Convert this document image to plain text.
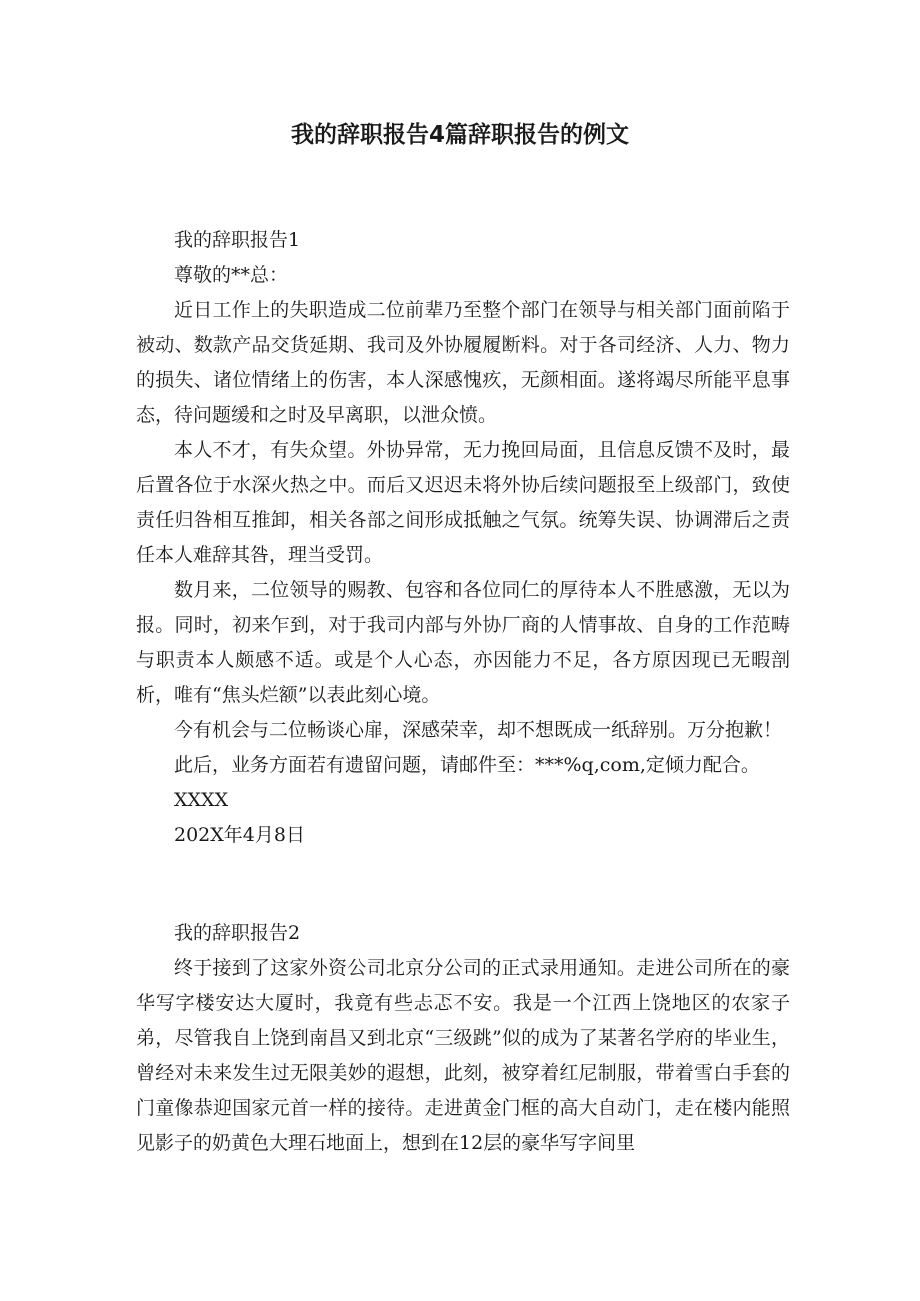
我的辞职报告4篇辞职报告的例文

我的辞职报告1

尊敬的**总：

近日工作上的失职造成二位前辈乃至整个部门在领导与相关部门面前陷于被动、数款产品交货延期、我司及外协履履断料。对于各司经济、人力、物力的损失、诸位情绪上的伤害，本人深感愧疚，无颜相面。遂将竭尽所能平息事态，待问题缓和之时及早离职，以泄众愤。

本人不才，有失众望。外协异常，无力挽回局面，且信息反馈不及时，最后置各位于水深火热之中。而后又迟迟未将外协后续问题报至上级部门，致使责任归咎相互推卸，相关各部之间形成抵触之气氛。统筹失误、协调滞后之责任本人难辞其咎，理当受罚。

数月来，二位领导的赐教、包容和各位同仁的厚待本人不胜感激，无以为报。同时，初来乍到，对于我司内部与外协厂商的人情事故、自身的工作范畴与职责本人颇感不适。或是个人心态，亦因能力不足，各方原因现已无暇剖析，唯有“焦头烂额”以表此刻心境。

今有机会与二位畅谈心扉，深感荣幸，却不想既成一纸辞别。万分抱歉！

此后，业务方面若有遗留问题，请邮件至：***%q,com,定倾力配合。

XXXX

202X年4月8日

我的辞职报告2

终于接到了这家外资公司北京分公司的正式录用通知。走进公司所在的豪华写字楼安达大厦时，我竟有些忐忑不安。我是一个江西上饶地区的农家子弟，尽管我自上饶到南昌又到北京“三级跳”似的成为了某著名学府的毕业生，曾经对未来发生过无限美妙的遐想，此刻，被穿着红尼制服，带着雪白手套的门童像恭迎国家元首一样的接待。走进黄金门框的高大自动门，走在楼内能照见影子的奶黄色大理石地面上，想到在12层的豪华写字间里
